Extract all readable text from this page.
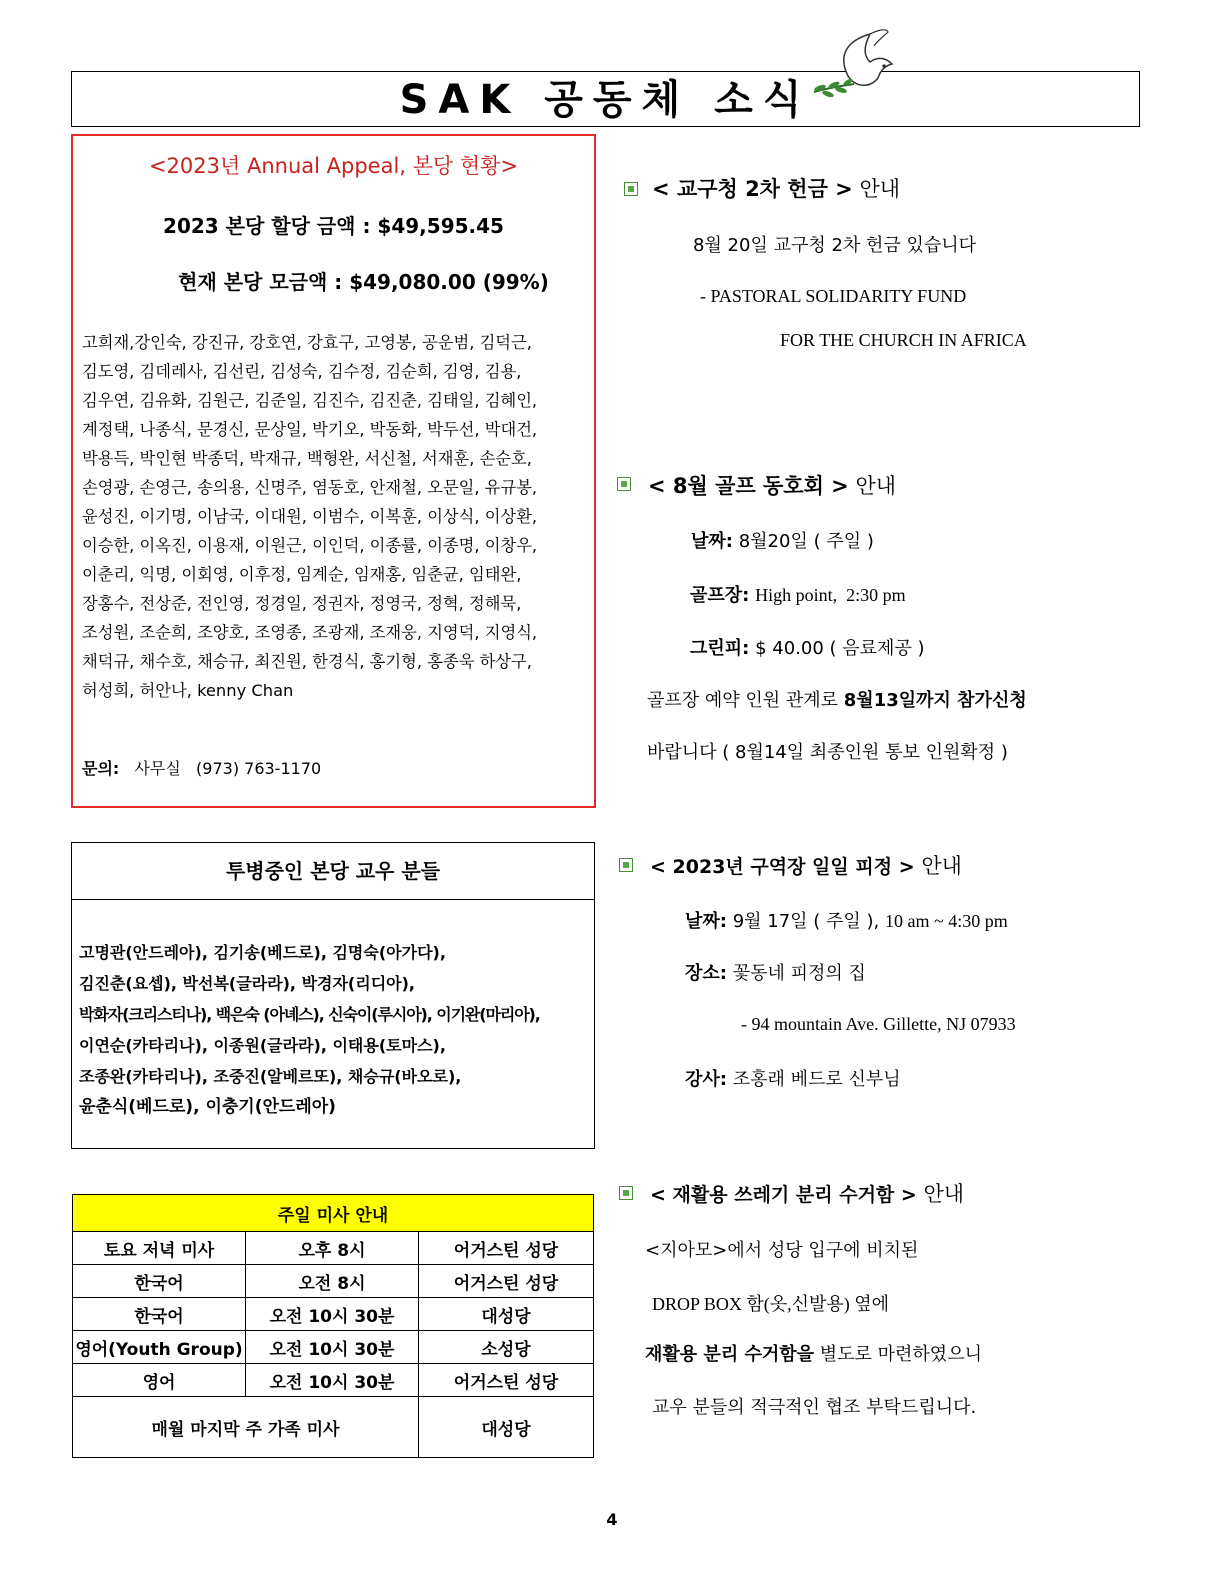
SAK 공동체 소식
<2023년 Annual Appeal, 본당 현황>
2023 본당 할당 금액 : $49,595.45
현재 본당 모금액 : $49,080.00 (99%)
고희재,강인숙, 강진규, 강호연, 강효구, 고영봉, 공운범, 김덕근,
김도영, 김데레사, 김선린, 김성숙, 김수정, 김순희, 김영, 김용,
김우연, 김유화, 김원근, 김준일, 김진수, 김진춘, 김태일, 김혜인,
계정택, 나종식, 문경신, 문상일, 박기오, 박동화, 박두선, 박대건,
박용득, 박인현 박종덕, 박재규, 백형완, 서신철, 서재훈, 손순호,
손영광, 손영근, 송의용, 신명주, 염동호, 안재철, 오문일, 유규봉,
윤성진, 이기명, 이남국, 이대원, 이범수, 이복훈, 이상식, 이상환,
이승한, 이옥진, 이용재, 이원근, 이인덕, 이종률, 이종명, 이창우,
이춘리, 익명, 이회영, 이후정, 임계순, 임재홍, 임춘균, 임태완,
장홍수, 전상준, 전인영, 정경일, 정권자, 정영국, 정혁, 정해묵,
조성원, 조순희, 조양호, 조영종, 조광재, 조재웅, 지영덕, 지영식,
채덕규, 채수호, 채승규, 최진원, 한경식, 홍기형, 홍종욱 하상구,
허성희, 허안나, kenny Chan
문의: 사무실   (973) 763-1170
투병중인 본당 교우 분들
고명관(안드레아), 김기송(베드로), 김명숙(아가다),
김진춘(요셉), 박선복(글라라), 박경자(리디아),
박화자(크리스티나), 백은숙 (아녜스), 신숙이(루시아), 이기완(마리아),
이연순(카타리나), 이종원(글라라), 이태용(토마스),
조종완(카타리나), 조중진(알베르또), 채승규(바오로),
윤춘식(베드로), 이충기(안드레아)
주일 미사 안내		
토요 저녁 미사	오후 8시	어거스틴 성당
한국어	오전 8시	어거스틴 성당
한국어	오전 10시 30분	대성당
영어(Youth Group)	오전 10시 30분	소성당
영어	오전 10시 30분	어거스틴 성당
매월 마지막 주 가족 미사		대성당
< 교구청 2차 헌금 > 안내
8월 20일 교구청 2차 헌금 있습니다
- PASTORAL SOLIDARITY FUND
FOR THE CHURCH IN AFRICA
< 8월 골프 동호회 > 안내
날짜: 8월20일 ( 주일 )
골프장: High point,  2:30 pm
그린피: $ 40.00 ( 음료제공 )
골프장 예약 인원 관계로 8월13일까지 참가신청
바랍니다 ( 8월14일 최종인원 통보 인원확정 )
< 2023년 구역장 일일 피정 > 안내
날짜: 9월 17일 ( 주일 ), 10 am ~ 4:30 pm
장소: 꽃동네 피정의 집
- 94 mountain Ave. Gillette, NJ 07933
강사: 조홍래 베드로 신부님
< 재활용 쓰레기 분리 수거함 > 안내
<지아모>에서 성당 입구에 비치된
DROP BOX 함(옷,신발용) 옆에
재활용 분리 수거함을 별도로 마련하였으니
교우 분들의 적극적인 협조 부탁드립니다.
4
